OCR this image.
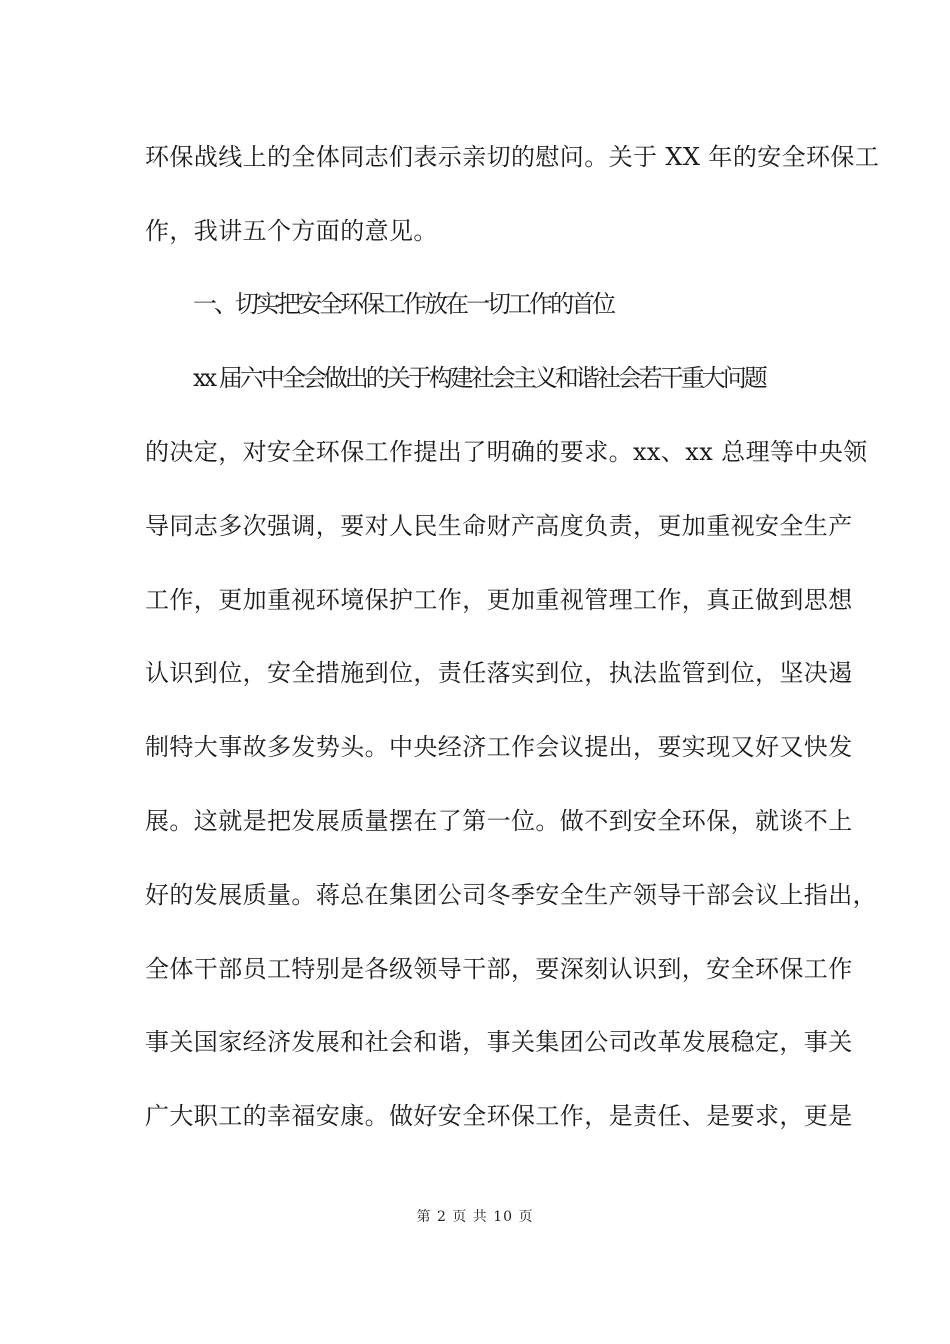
环保战线上的全体同志们表示亲切的慰问。关于 XX 年的安全环保工
作，我讲五个方面的意见。
一、切实把安全环保工作放在一切工作的首位
xx 届六中全会做出的关于构建社会主义和谐社会若干重大问题
的决定，对安全环保工作提出了明确的要求。xx、xx 总理等中央领
导同志多次强调，要对人民生命财产高度负责，更加重视安全生产
工作，更加重视环境保护工作，更加重视管理工作，真正做到思想
认识到位，安全措施到位，责任落实到位，执法监管到位，坚决遏
制特大事故多发势头。中央经济工作会议提出，要实现又好又快发
展。这就是把发展质量摆在了第一位。做不到安全环保，就谈不上
好的发展质量。蒋总在集团公司冬季安全生产领导干部会议上指出，
全体干部员工特别是各级领导干部，要深刻认识到，安全环保工作
事关国家经济发展和社会和谐，事关集团公司改革发展稳定，事关
广大职工的幸福安康。做好安全环保工作，是责任、是要求，更是
第 2 页 共 10 页
